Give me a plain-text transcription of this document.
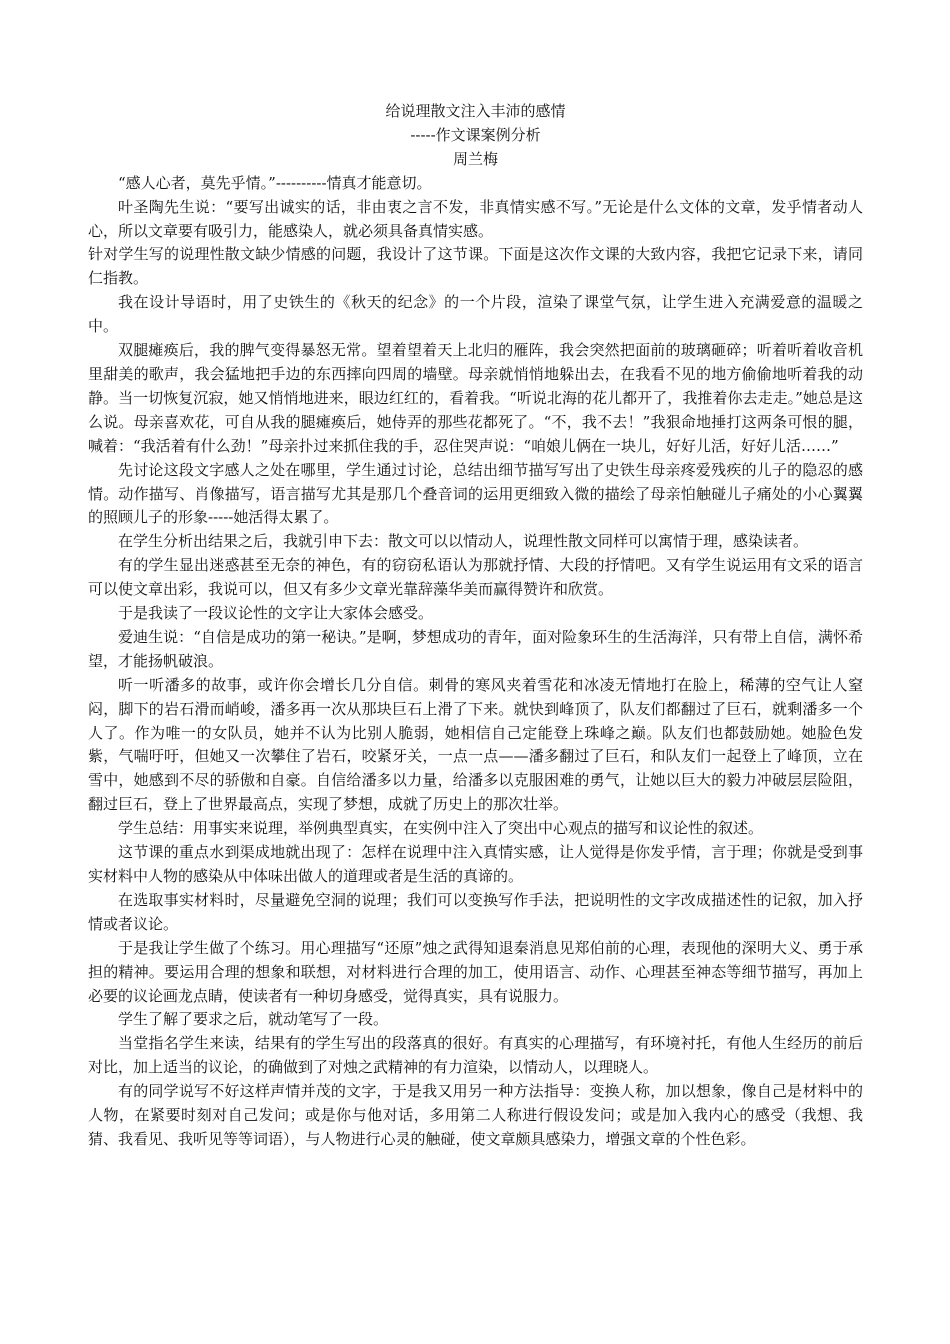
给说理散文注入丰沛的感情

-----作文课案例分析

周兰梅

“感人心者，莫先乎情。”----------情真才能意切。

叶圣陶先生说：“要写出诚实的话，非由衷之言不发，非真情实感不写。”无论是什么文体的文章，发乎情者动人心，所以文章要有吸引力，能感染人，就必须具备真情实感。

针对学生写的说理性散文缺少情感的问题，我设计了这节课。下面是这次作文课的大致内容，我把它记录下来，请同仁指教。

我在设计导语时，用了史铁生的《秋天的纪念》的一个片段，渲染了课堂气氛，让学生进入充满爱意的温暖之中。

双腿瘫痪后，我的脾气变得暴怒无常。望着望着天上北归的雁阵，我会突然把面前的玻璃砸碎；听着听着收音机里甜美的歌声，我会猛地把手边的东西摔向四周的墙壁。母亲就悄悄地躲出去，在我看不见的地方偷偷地听着我的动静。当一切恢复沉寂，她又悄悄地进来，眼边红红的，看着我。“听说北海的花儿都开了，我推着你去走走。”她总是这么说。母亲喜欢花，可自从我的腿瘫痪后，她侍弄的那些花都死了。“不，我不去！”我狠命地捶打这两条可恨的腿，喊着：“我活着有什么劲！”母亲扑过来抓住我的手，忍住哭声说：“咱娘儿俩在一块儿，好好儿活，好好儿活……”

先讨论这段文字感人之处在哪里，学生通过讨论，总结出细节描写写出了史铁生母亲疼爱残疾的儿子的隐忍的感情。动作描写、肖像描写，语言描写尤其是那几个叠音词的运用更细致入微的描绘了母亲怕触碰儿子痛处的小心翼翼的照顾儿子的形象-----她活得太累了。

在学生分析出结果之后，我就引申下去：散文可以以情动人，说理性散文同样可以寓情于理，感染读者。

有的学生显出迷惑甚至无奈的神色，有的窃窃私语认为那就抒情、大段的抒情吧。又有学生说运用有文采的语言可以使文章出彩，我说可以，但又有多少文章光靠辞藻华美而赢得赞许和欣赏。

于是我读了一段议论性的文字让大家体会感受。

爱迪生说：“自信是成功的第一秘诀。”是啊，梦想成功的青年，面对险象环生的生活海洋，只有带上自信，满怀希望，才能扬帆破浪。

听一听潘多的故事，或许你会增长几分自信。刺骨的寒风夹着雪花和冰凌无情地打在脸上，稀薄的空气让人窒闷，脚下的岩石滑而峭峻，潘多再一次从那块巨石上滑了下来。就快到峰顶了，队友们都翻过了巨石，就剩潘多一个人了。作为唯一的女队员，她并不认为比别人脆弱，她相信自己定能登上珠峰之巅。队友们也都鼓励她。她脸色发紫，气喘吁吁，但她又一次攀住了岩石，咬紧牙关，一点一点——潘多翻过了巨石，和队友们一起登上了峰顶，立在雪中，她感到不尽的骄傲和自豪。自信给潘多以力量，给潘多以克服困难的勇气，让她以巨大的毅力冲破层层险阻，翻过巨石，登上了世界最高点，实现了梦想，成就了历史上的那次壮举。

学生总结：用事实来说理，举例典型真实，在实例中注入了突出中心观点的描写和议论性的叙述。

这节课的重点水到渠成地就出现了：怎样在说理中注入真情实感，让人觉得是你发乎情，言于理；你就是受到事实材料中人物的感染从中体味出做人的道理或者是生活的真谛的。

在选取事实材料时，尽量避免空洞的说理；我们可以变换写作手法，把说明性的文字改成描述性的记叙，加入抒情或者议论。

于是我让学生做了个练习。用心理描写“还原”烛之武得知退秦消息见郑伯前的心理，表现他的深明大义、勇于承担的精神。要运用合理的想象和联想，对材料进行合理的加工，使用语言、动作、心理甚至神态等细节描写，再加上必要的议论画龙点睛，使读者有一种切身感受，觉得真实，具有说服力。

学生了解了要求之后，就动笔写了一段。

当堂指名学生来读，结果有的学生写出的段落真的很好。有真实的心理描写，有环境衬托，有他人生经历的前后对比，加上适当的议论，的确做到了对烛之武精神的有力渲染，以情动人，以理晓人。

有的同学说写不好这样声情并茂的文字，于是我又用另一种方法指导：变换人称，加以想象，像自己是材料中的人物，在紧要时刻对自己发问；或是你与他对话，多用第二人称进行假设发问；或是加入我内心的感受（我想、我猜、我看见、我听见等等词语），与人物进行心灵的触碰，使文章颇具感染力，增强文章的个性色彩。
